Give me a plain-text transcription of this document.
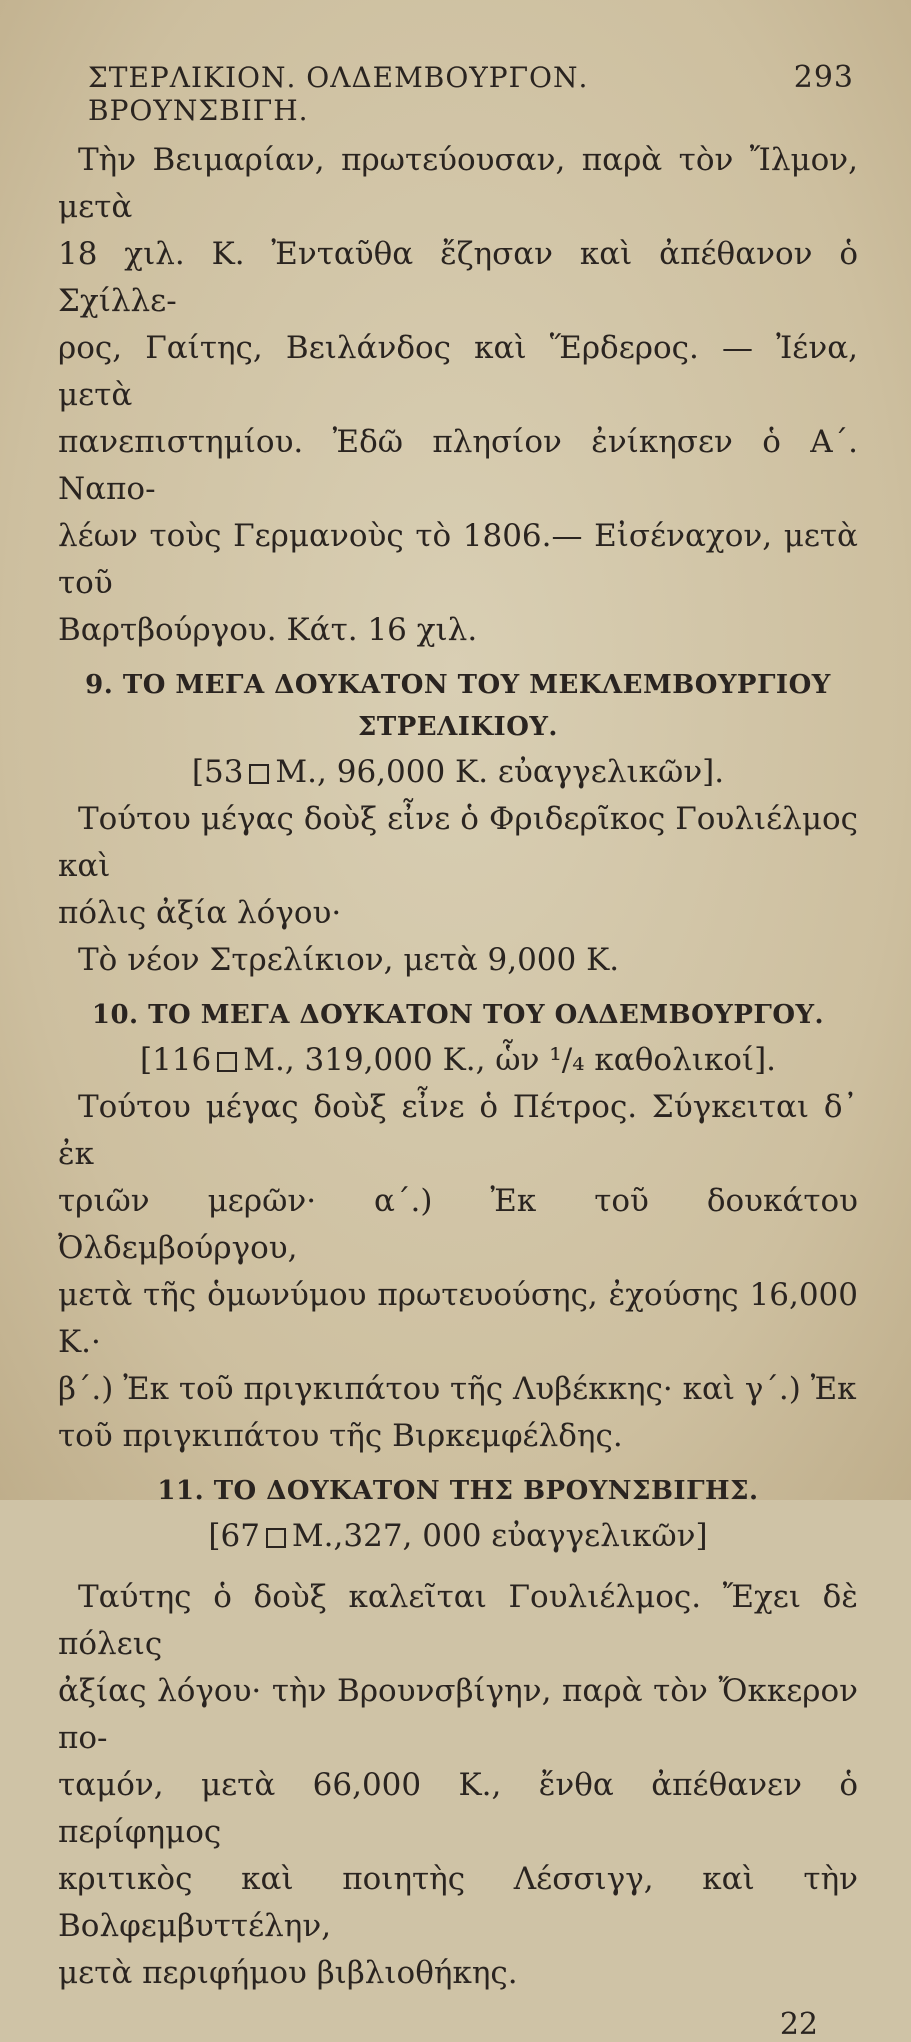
ΣΤΕΡΛΙΚΙΟΝ. ΟΛΔΕΜΒΟΥΡΓΟΝ. ΒΡΟΥΝΣΒΙΓΗ.
293

Τὴν Βειμαρίαν, πρωτεύουσαν, παρὰ τὸν Ἴλμον, μετὰ

18 χιλ. Κ. Ἐνταῦθα ἔζησαν καὶ ἀπέθανον ὁ Σχίλλε-

ρος, Γαίτης, Βειλάνδος καὶ Ἕρδερος. — Ἰένα, μετὰ

πανεπιστημίου. Ἐδῶ πλησίον ἐνίκησεν ὁ Α΄. Ναπο-

λέων τοὺς Γερμανοὺς τὸ 1806.— Εἰσέναχον, μετὰ τοῦ

Βαρτβούργου. Κάτ. 16 χιλ.

9. ΤΟ ΜΕΓΑ ΔΟΥΚΑΤΟΝ ΤΟΥ ΜΕΚΛΕΜΒΟΥΡΓΙΟΥ
ΣΤΡΕΛΙΚΙΟΥ.
[53 Μ., 96,000 Κ. εὐαγγελικῶν].

Τούτου μέγας δοὺξ εἶνε ὁ Φριδερῖκος Γουλιέλμος καὶ

πόλις ἀξία λόγου·

Τὸ νέον Στρελίκιον, μετὰ 9,000 Κ.

10. ΤΟ ΜΕΓΑ ΔΟΥΚΑΤΟΝ ΤΟΥ ΟΛΔΕΜΒΟΥΡΓΟΥ.
[116 Μ., 319,000 Κ., ὧν ¹/₄ καθολικοί].

Τούτου μέγας δοὺξ εἶνε ὁ Πέτρος. Σύγκειται δ᾽ ἐκ

τριῶν μερῶν· α΄.) Ἐκ τοῦ δουκάτου Ὀλδεμβούργου,

μετὰ τῆς ὁμωνύμου πρωτευούσης, ἐχούσης 16,000 Κ.·

β΄.) Ἐκ τοῦ πριγκιπάτου τῆς Λυβέκκης· καὶ γ΄.) Ἐκ

τοῦ πριγκιπάτου τῆς Βιρκεμφέλδης.

11. ΤΟ ΔΟΥΚΑΤΟΝ ΤΗΣ ΒΡΟΥΝΣΒΙΓΗΣ.
[67 Μ.,327, 000 εὐαγγελικῶν]

Ταύτης ὁ δοὺξ καλεῖται Γουλιέλμος. Ἔχει δὲ πόλεις

ἀξίας λόγου· τὴν Βρουνσβίγην, παρὰ τὸν Ὄκκερον πο-

ταμόν, μετὰ 66,000 Κ., ἔνθα ἀπέθανεν ὁ περίφημος

κριτικὸς καὶ ποιητὴς Λέσσιγγ, καὶ τὴν Βολφεμβυττέλην,

μετὰ περιφήμου βιβλιοθήκης.

22
